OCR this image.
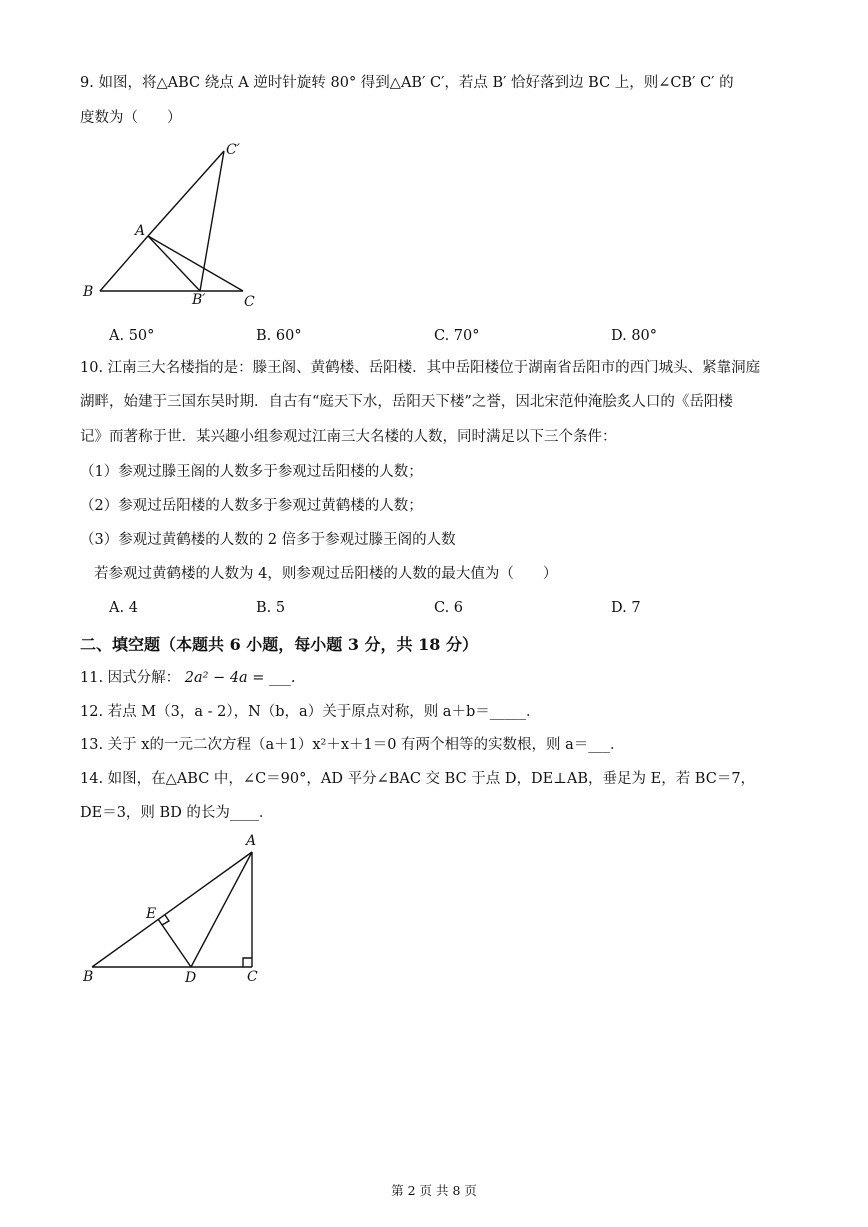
9. 如图，将△ABC 绕点 A 逆时针旋转 80° 得到△AB′ C′，若点 B′ 恰好落到边 BC 上，则∠CB′ C′ 的
度数为（　　）
C′
A
B	B′	C
A. 50°	B. 60°	C. 70°	D. 80°
10. 江南三大名楼指的是：滕王阁、黄鹤楼、岳阳楼．其中岳阳楼位于湖南省岳阳市的西门城头、紧靠洞庭
湖畔，始建于三国东吴时期．自古有“庭天下水，岳阳天下楼”之誉，因北宋范仲淹脍炙人口的《岳阳楼
记》而著称于世．某兴趣小组参观过江南三大名楼的人数，同时满足以下三个条件：
（1）参观过滕王阁的人数多于参观过岳阳楼的人数；
（2）参观过岳阳楼的人数多于参观过黄鹤楼的人数；
（3）参观过黄鹤楼的人数的 2 倍多于参观过滕王阁的人数
若参观过黄鹤楼的人数为 4，则参观过岳阳楼的人数的最大值为（　　）
A. 4	B. 5	C. 6	D. 7
二、填空题（本题共 6 小题，每小题 3 分，共 18 分）
11. 因式分解： 2a² − 4a = ___.
12. 若点 M（3，a - 2），N（b，a）关于原点对称，则 a＋b＝_____．
13. 关于 x的一元二次方程（a＋1）x²＋x＋1＝0 有两个相等的实数根，则 a＝___．
14. 如图，在△ABC 中，∠C＝90°，AD 平分∠BAC 交 BC 于点 D，DE⊥AB，垂足为 E，若 BC＝7，
DE＝3，则 BD 的长为____．
A
E
B	D	C
第 2 页 共 8 页
